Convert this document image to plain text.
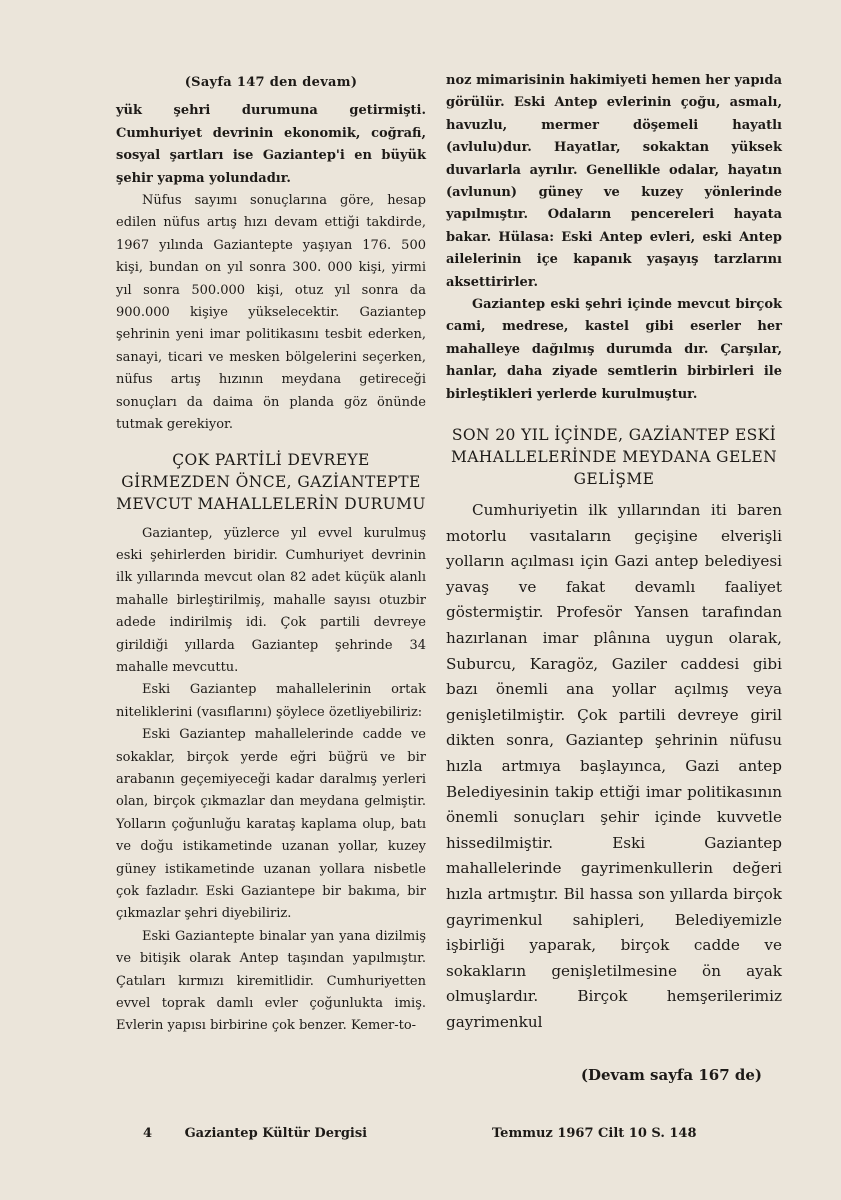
(Sayfa 147 den devam)

yük şehri durumuna getirmişti. Cumhuriyet devrinin ekonomik, coğrafi, sosyal şartları ise Gaziantep'i en büyük şehir yapma yolundadır.

Nüfus sayımı sonuçlarına göre, hesap edilen nüfus artış hızı devam ettiği takdirde, 1967 yılında Gaziantepte yaşıyan 176. 500 kişi, bundan on yıl sonra 300. 000 kişi, yirmi yıl sonra 500.000 kişi, otuz yıl sonra da 900.000 kişiye yükselecektir. Gaziantep şehrinin yeni imar politikasını tesbit ederken, sanayi, ticari ve mesken bölgelerini seçerken, nüfus artış hızının meydana getireceği sonuçları da daima ön planda göz önünde tutmak gerekiyor.

ÇOK PARTİLİ DEVREYE GİRMEZDEN ÖNCE, GAZİANTEPTE MEVCUT MAHALLELERİN DURUMU

Gaziantep, yüzlerce yıl evvel kurulmuş eski şehirlerden biridir. Cumhuriyet devrinin ilk yıllarında mevcut olan 82 adet küçük alanlı mahalle birleştirilmiş, mahalle sayısı otuzbir adede indirilmiş idi. Çok partili devreye girildiği yıllarda Gaziantep şehrinde 34 mahalle mevcuttu.

Eski Gaziantep mahallelerinin ortak niteliklerini (vasıflarını) şöylece özetliyebiliriz:

Eski Gaziantep mahallelerinde cadde ve sokaklar, birçok yerde eğri büğrü ve bir arabanın geçemiyeceği kadar daralmış yerleri olan, birçok çıkmazlar dan meydana gelmiştir. Yolların çoğunluğu karataş kaplama olup, batı ve doğu istikametinde uzanan yollar, kuzey güney istikametinde uzanan yollara nisbetle çok fazladır. Eski Gaziantepe bir bakıma, bir çıkmazlar şehri diyebiliriz.

Eski Gaziantepte binalar yan yana dizilmiş ve bitişik olarak Antep taşından yapılmıştır. Çatıları kırmızı kiremitlidir. Cumhuriyetten evvel toprak damlı evler çoğunlukta imiş. Evlerin yapısı birbirine çok benzer. Kemer-to-

noz mimarisinin hakimiyeti hemen her yapıda görülür. Eski Antep evlerinin çoğu, asmalı, havuzlu, mermer döşemeli hayatlı (avlulu)dur. Hayatlar, sokaktan yüksek duvarlarla ayrılır. Genellikle odalar, hayatın (avlunun) güney ve kuzey yönlerinde yapılmıştır. Odaların pencereleri hayata bakar. Hülasa: Eski Antep evleri, eski Antep ailelerinin içe kapanık yaşayış tarzlarını aksettirirler.

Gaziantep eski şehri içinde mevcut birçok cami, medrese, kastel gibi eserler her mahalleye dağılmış durumda dır. Çarşılar, hanlar, daha ziyade semtlerin birbirleri ile birleştikleri yerlerde kurulmuştur.

SON 20 YIL İÇİNDE, GAZİANTEP ESKİ MAHALLELERİNDE MEYDANA GELEN GELİŞME

Cumhuriyetin ilk yıllarından iti baren motorlu vasıtaların geçişine elverişli yolların açılması için Gazi antep belediyesi yavaş ve fakat devamlı faaliyet göstermiştir. Profesör Yansen tarafından hazırlanan imar plânına uygun olarak, Suburcu, Karagöz, Gaziler caddesi gibi bazı önemli ana yollar açılmış veya genişletilmiştir. Çok partili devreye giril dikten sonra, Gaziantep şehrinin nüfusu hızla artmıya başlayınca, Gazi antep Belediyesinin takip ettiği imar politikasının önemli sonuçları şehir içinde kuvvetle hissedilmiştir. Eski Gaziantep mahallelerinde gayrimenkullerin değeri hızla artmıştır. Bil hassa son yıllarda birçok gayrimenkul sahipleri, Belediyemizle işbirliği yaparak, birçok cadde ve sokakların genişletilmesine ön ayak olmuşlardır. Birçok hemşerilerimiz gayrimenkul

(Devam sayfa 167 de)
4	Gaziantep Kültür Dergisi	Temmuz 1967 Cilt 10 S. 148
